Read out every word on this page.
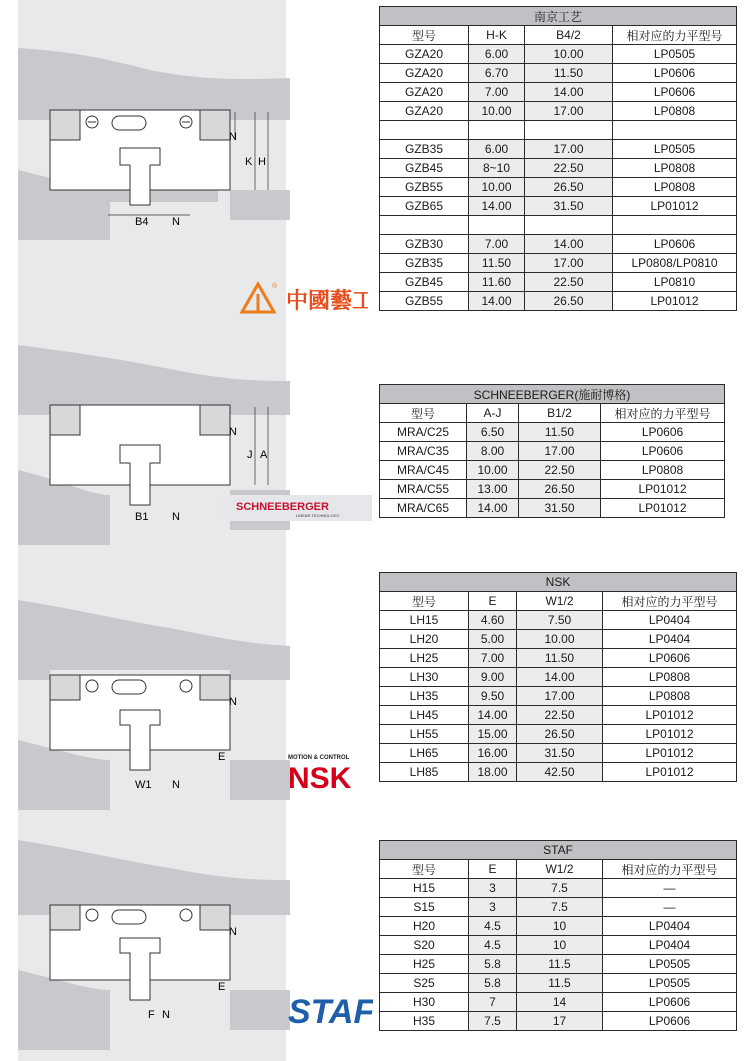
N
K H
B4 N
N
J A
B1 N
N
E
W1 N
N
E
F N
®
中國藝工
SCHNEEBERGER
LINEAR TECHNOLOGY
MOTION & CONTROL
NSK
STAF
南京工艺			
型号	H-K	B4/2	相对应的力平型号
GZA20	6.00	10.00	LP0505
GZA20	6.70	11.50	LP0606
GZA20	7.00	14.00	LP0606
GZA20	10.00	17.00	LP0808

GZB35	6.00	17.00	LP0505
GZB45	8~10	22.50	LP0808
GZB55	10.00	26.50	LP0808
GZB65	14.00	31.50	LP01012

GZB30	7.00	14.00	LP0606
GZB35	11.50	17.00	LP0808/LP0810
GZB45	11.60	22.50	LP0810
GZB55	14.00	26.50	LP01012
SCHNEEBERGER(施耐博格)			
型号	A-J	B1/2	相对应的力平型号
MRA/C25	6.50	11.50	LP0606
MRA/C35	8.00	17.00	LP0606
MRA/C45	10.00	22.50	LP0808
MRA/C55	13.00	26.50	LP01012
MRA/C65	14.00	31.50	LP01012
NSK			
型号	E	W1/2	相对应的力平型号
LH15	4.60	7.50	LP0404
LH20	5.00	10.00	LP0404
LH25	7.00	11.50	LP0606
LH30	9.00	14.00	LP0808
LH35	9.50	17.00	LP0808
LH45	14.00	22.50	LP01012
LH55	15.00	26.50	LP01012
LH65	16.00	31.50	LP01012
LH85	18.00	42.50	LP01012
STAF			
型号	E	W1/2	相对应的力平型号
H15	3	7.5	—
S15	3	7.5	—
H20	4.5	10	LP0404
S20	4.5	10	LP0404
H25	5.8	11.5	LP0505
S25	5.8	11.5	LP0505
H30	7	14	LP0606
H35	7.5	17	LP0606
